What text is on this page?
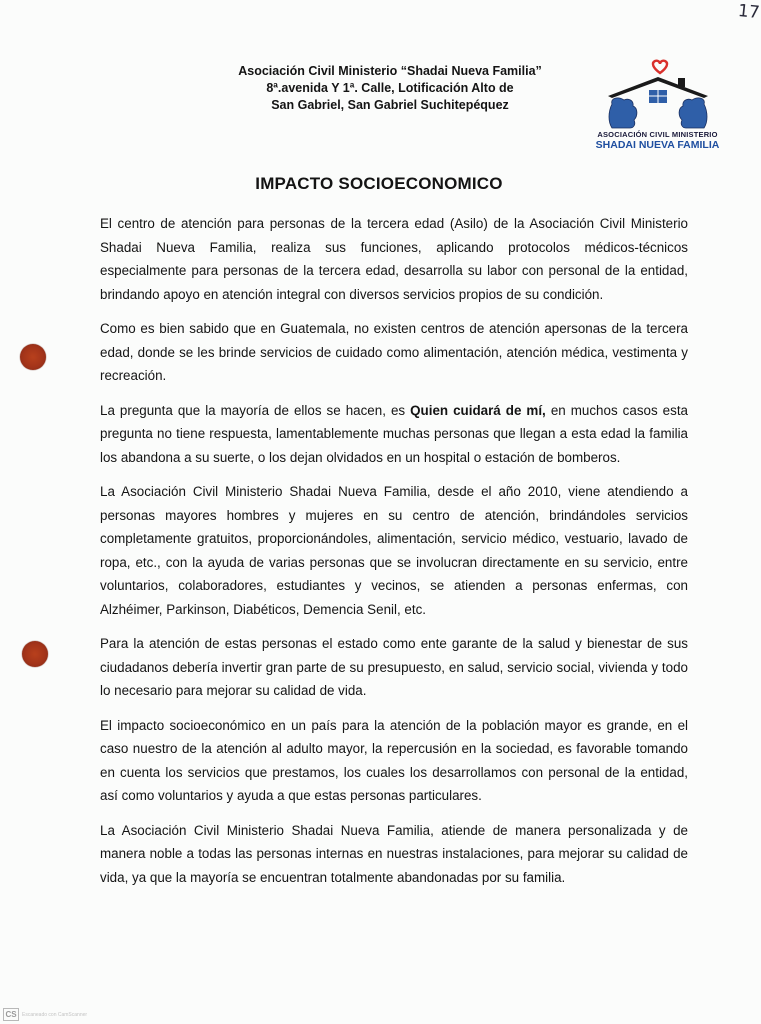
17
Asociación Civil Ministerio “Shadai Nueva Familia”
8ª.avenida Y 1ª. Calle, Lotificación Alto de
San Gabriel, San Gabriel Suchitepéquez
ASOCIACIÓN CIVIL MINISTERIO
SHADAI NUEVA FAMILIA
IMPACTO SOCIOECONOMICO

El centro de atención para personas de la tercera edad (Asilo) de la Asociación Civil Ministerio Shadai Nueva Familia, realiza sus funciones, aplicando protocolos médicos-técnicos especialmente para personas de la tercera edad, desarrolla su labor con personal de la entidad, brindando apoyo en atención integral con diversos servicios propios de su condición.

Como es bien sabido que en Guatemala, no existen centros de atención apersonas de la tercera edad, donde se les brinde servicios de cuidado como alimentación, atención médica, vestimenta y recreación.

La pregunta que la mayoría de ellos se hacen, es Quien cuidará de mí, en muchos casos esta pregunta no tiene respuesta, lamentablemente muchas personas que llegan a esta edad la familia los abandona a su suerte, o los dejan olvidados en un hospital o estación de bomberos.

La Asociación Civil Ministerio Shadai Nueva Familia, desde el año 2010, viene atendiendo a personas mayores hombres y mujeres en su centro de atención, brindándoles servicios completamente gratuitos, proporcionándoles, alimentación, servicio médico, vestuario, lavado de ropa, etc., con la ayuda de varias personas que se involucran directamente en su servicio, entre voluntarios, colaboradores, estudiantes y vecinos, se atienden a personas enfermas, con Alzhéimer, Parkinson, Diabéticos, Demencia Senil, etc.

Para la atención de estas personas el estado como ente garante de la salud y bienestar de sus ciudadanos debería invertir gran parte de su presupuesto, en salud, servicio social, vivienda y todo lo necesario para mejorar su calidad de vida.

El impacto socioeconómico en un país para la atención de la población mayor es grande, en el caso nuestro de la atención al adulto mayor, la repercusión en la sociedad, es favorable tomando en cuenta los servicios que prestamos, los cuales los desarrollamos con personal de la entidad, así como voluntarios y ayuda a que estas personas particulares.

La Asociación Civil Ministerio Shadai Nueva Familia, atiende de manera personalizada y de manera noble a todas las personas internas en nuestras instalaciones, para mejorar su calidad de vida, ya que la mayoría se encuentran totalmente abandonadas por su familia.

CS	Escaneado con CamScanner
